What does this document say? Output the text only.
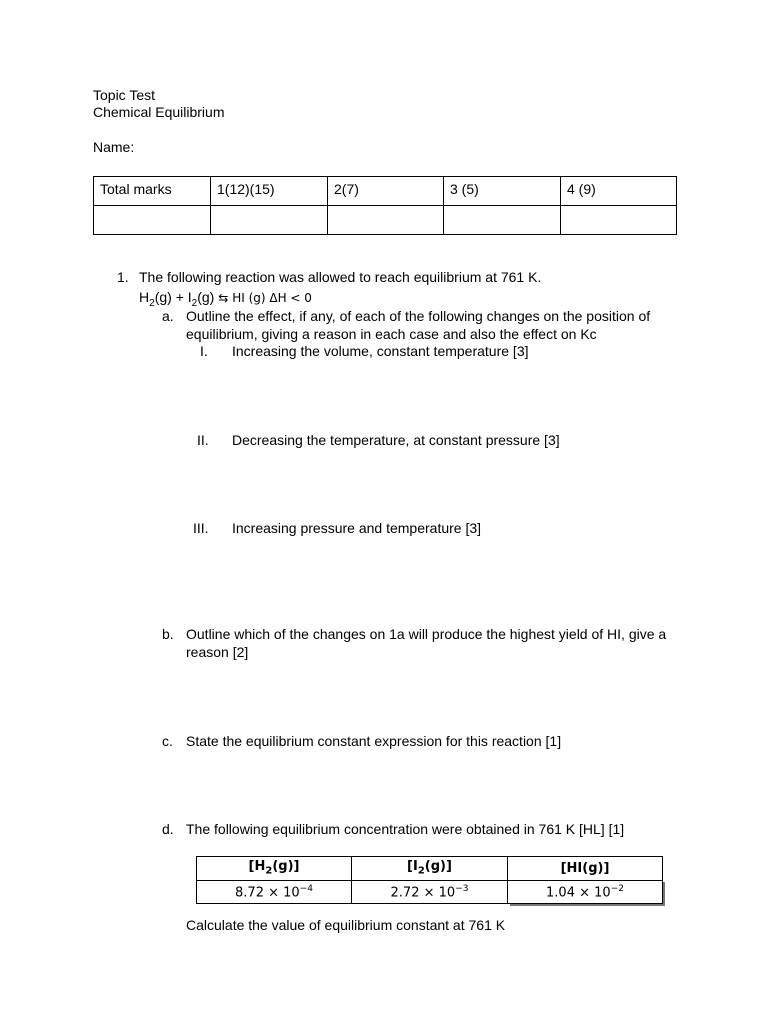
Topic Test
Chemical Equilibrium
Name:
Total marks	1(12)(15)	2(7)	3 (5)	4 (9)

1. The following reaction was allowed to reach equilibrium at 761 K.
$H_2(g) + I_2(g)$ ⇆ HI (g) ΔH < 0
a. Outline the effect, if any, of each of the following changes on the position of
equilibrium, giving a reason in each case and also the effect on Kc
I. Increasing the volume, constant temperature [3]
II. Decreasing the temperature, at constant pressure [3]
III. Increasing pressure and temperature [3]
b. Outline which of the changes on 1a will produce the highest yield of HI, give a
reason [2]
c. State the equilibrium constant expression for this reaction [1]
d. The following equilibrium concentration were obtained in 761 K [HL] [1]
$[H_2(g)]$	$[I_2(g)]$	[HI(g)]
$8.72 \times 10^{-4}$	$2.72 \times 10^{-3}$	$1.04 \times 10^{-2}$
Calculate the value of equilibrium constant at 761 K
